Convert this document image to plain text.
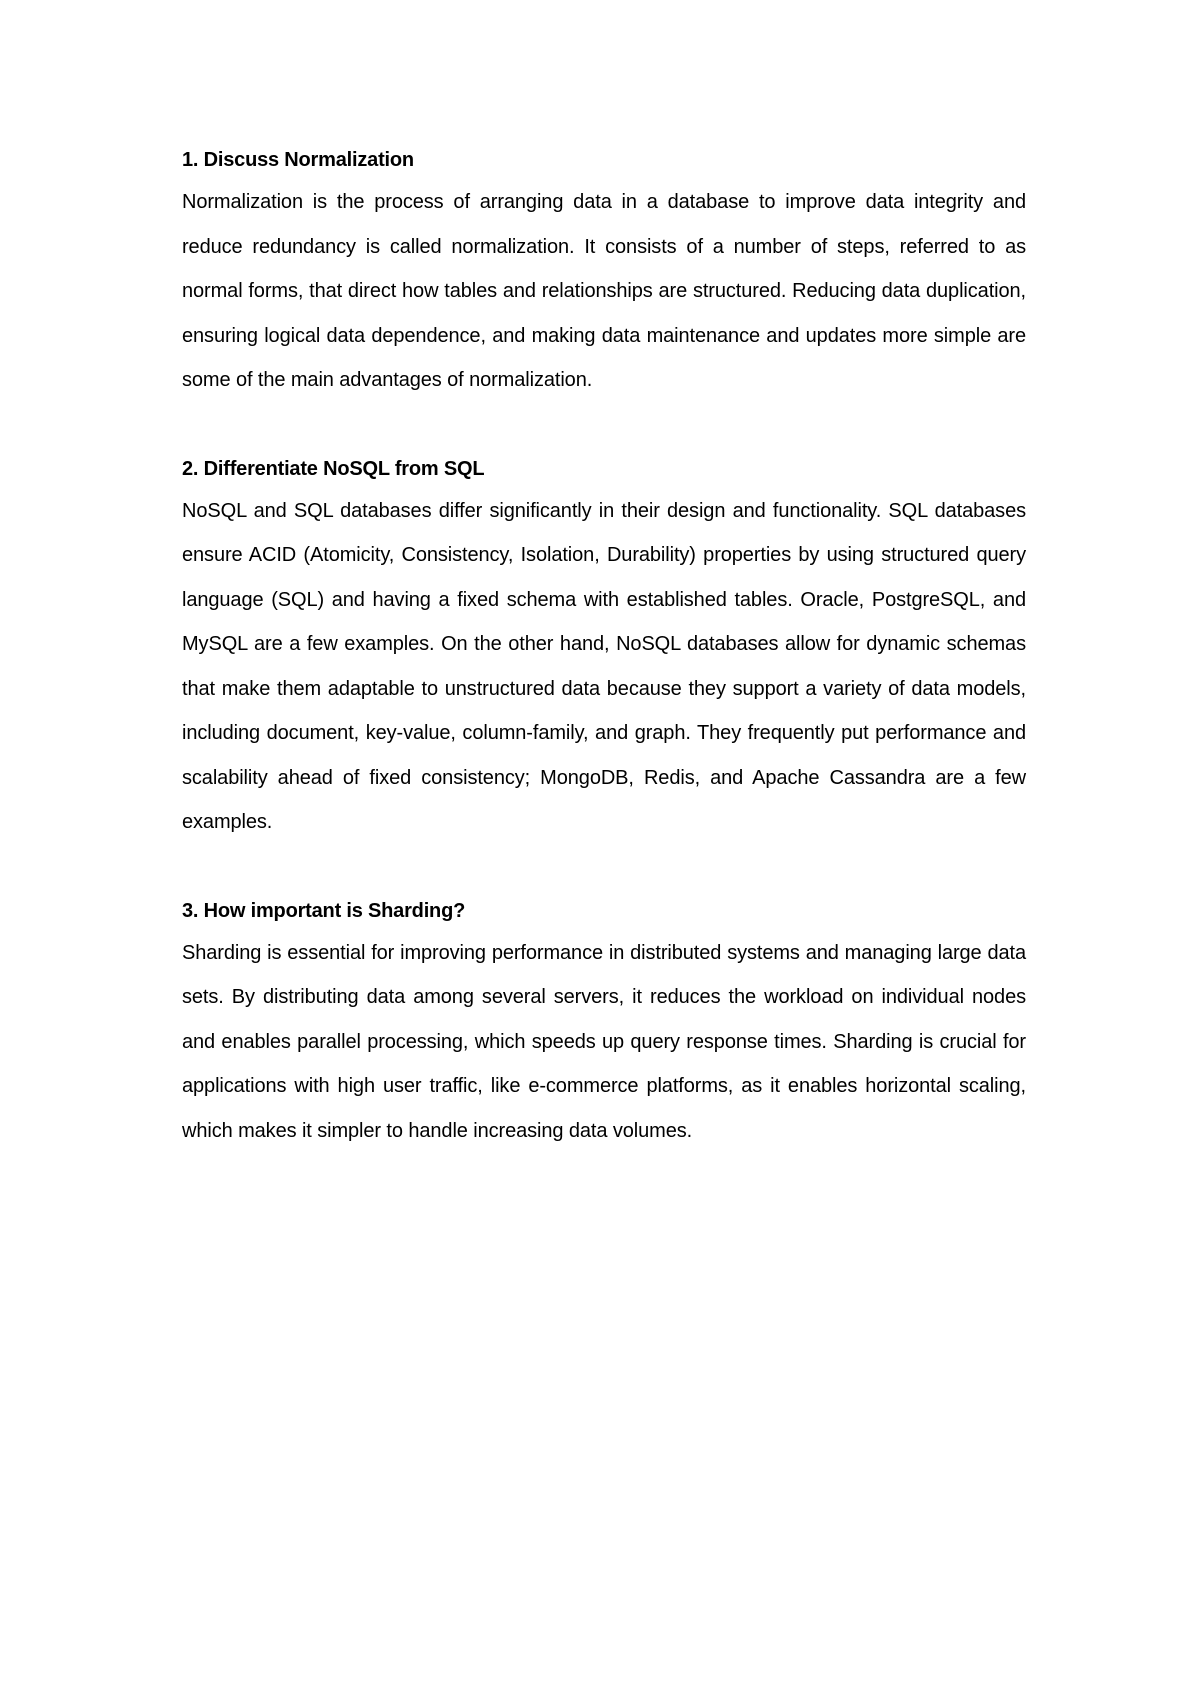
1. Discuss Normalization

Normalization is the process of arranging data in a database to improve data integrity and reduce redundancy is called normalization. It consists of a number of steps, referred to as normal forms, that direct how tables and relationships are structured. Reducing data duplication, ensuring logical data dependence, and making data maintenance and updates more simple are some of the main advantages of normalization.

2. Differentiate NoSQL from SQL

NoSQL and SQL databases differ significantly in their design and functionality. SQL databases ensure ACID (Atomicity, Consistency, Isolation, Durability) properties by using structured query language (SQL) and having a fixed schema with established tables. Oracle, PostgreSQL, and MySQL are a few examples. On the other hand, NoSQL databases allow for dynamic schemas that make them adaptable to unstructured data because they support a variety of data models, including document, key-value, column-family, and graph. They frequently put performance and scalability ahead of fixed consistency; MongoDB, Redis, and Apache Cassandra are a few examples.

3. How important is Sharding?

Sharding is essential for improving performance in distributed systems and managing large data sets. By distributing data among several servers, it reduces the workload on individual nodes and enables parallel processing, which speeds up query response times. Sharding is crucial for applications with high user traffic, like e-commerce platforms, as it enables horizontal scaling, which makes it simpler to handle increasing data volumes.
